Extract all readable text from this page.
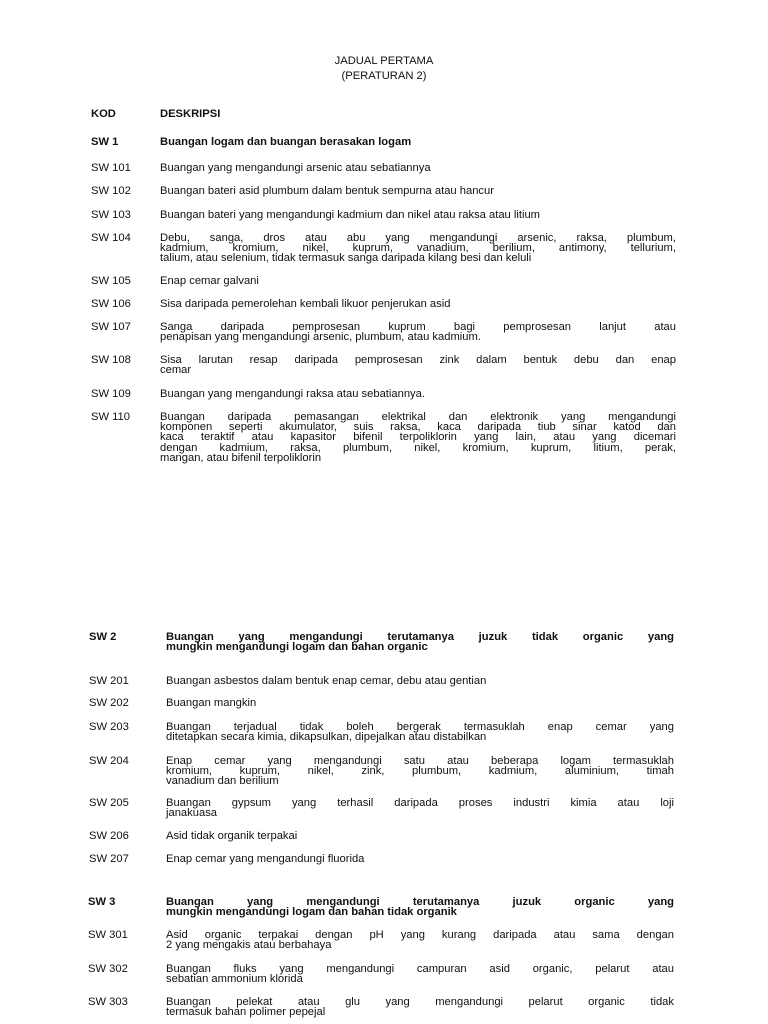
JADUAL PERTAMA
(PERATURAN 2)
KOD	DESKRIPSI
SW 1	Buangan logam dan buangan berasakan logam
SW 101	Buangan yang mengandungi arsenic atau sebatiannya
SW 102	Buangan bateri asid plumbum dalam bentuk sempurna atau hancur
SW 103	Buangan bateri yang mengandungi kadmium dan nikel atau raksa atau litium
SW 104	Debu, sanga, dros atau abu yang mengandungi arsenic, raksa, plumbum,
kadmium, kromium, nikel, kuprum, vanadium, berilium, antimony, tellurium,
talium, atau selenium, tidak termasuk sanga daripada kilang besi dan keluli
SW 105	Enap cemar galvani
SW 106	Sisa daripada pemerolehan kembali likuor penjerukan asid
SW 107	Sanga daripada pemprosesan kuprum bagi pemprosesan lanjut atau
penapisan yang mengandungi arsenic, plumbum, atau kadmium.
SW 108	Sisa larutan resap daripada pemprosesan zink dalam bentuk debu dan enap
cemar
SW 109	Buangan yang mengandungi raksa atau sebatiannya.
SW 110	Buangan daripada pemasangan elektrikal dan elektronik yang mengandungi
komponen seperti akumulator, suis raksa, kaca daripada tiub sinar katod dan
kaca teraktif atau kapasitor bifenil terpoliklorin yang lain, atau yang dicemari
dengan kadmium, raksa, plumbum, nikel, kromium, kuprum, litium, perak,
mangan, atau bifenil terpoliklorin
SW 2	Buangan yang mengandungi terutamanya juzuk tidak organic yang
mungkin mengandungi logam dan bahan organic
SW 201	Buangan asbestos dalam bentuk enap cemar, debu atau gentian
SW 202	Buangan mangkin
SW 203	Buangan terjadual tidak boleh bergerak termasuklah enap cemar yang
ditetapkan secara kimia, dikapsulkan, dipejalkan atau distabilkan
SW 204	Enap cemar yang mengandungi satu atau beberapa logam termasuklah
kromium, kuprum, nikel, zink, plumbum, kadmium, aluminium, timah
vanadium dan berilium
SW 205	Buangan gypsum yang terhasil daripada proses industri kimia atau loji
janakuasa
SW 206	Asid tidak organik terpakai
SW 207	Enap cemar yang mengandungi fluorida
SW 3	Buangan yang mengandungi terutamanya juzuk organic yang
mungkin mengandungi logam dan bahan tidak organik
SW 301	Asid organic terpakai dengan pH yang kurang daripada atau sama dengan
2 yang mengakis atau berbahaya
SW 302	Buangan fluks yang mengandungi campuran asid organic, pelarut atau
sebatian ammonium klorida
SW 303	Buangan pelekat atau glu yang mengandungi pelarut organic tidak
termasuk bahan polimer pepejal
